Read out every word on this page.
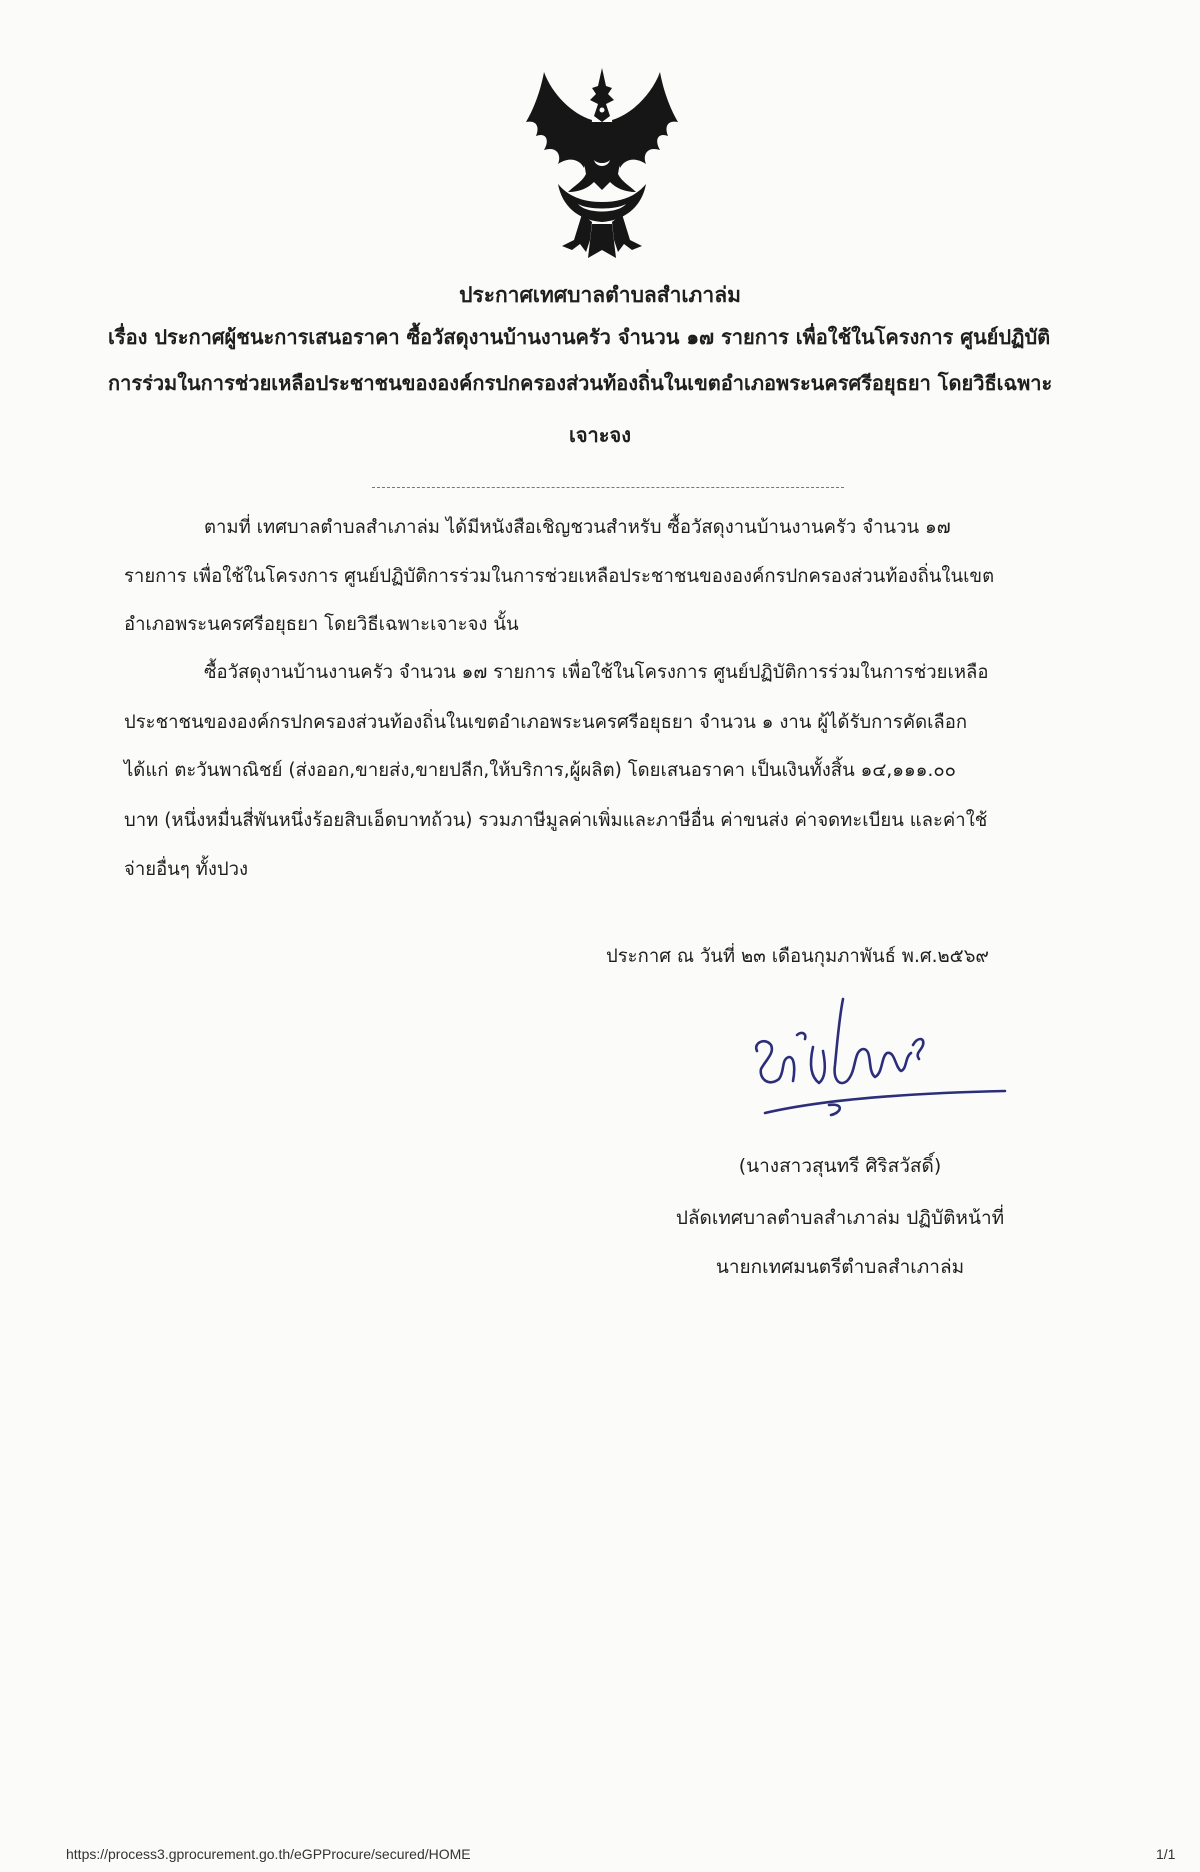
ประกาศเทศบาลตำบลสำเภาล่ม
เรื่อง ประกาศผู้ชนะการเสนอราคา ซื้อวัสดุงานบ้านงานครัว จำนวน ๑๗ รายการ เพื่อใช้ในโครงการ ศูนย์ปฏิบัติ
การร่วมในการช่วยเหลือประชาชนขององค์กรปกครองส่วนท้องถิ่นในเขตอำเภอพระนครศรีอยุธยา โดยวิธีเฉพาะ
เจาะจง
ตามที่ เทศบาลตำบลสำเภาล่ม ได้มีหนังสือเชิญชวนสำหรับ ซื้อวัสดุงานบ้านงานครัว จำนวน ๑๗
รายการ เพื่อใช้ในโครงการ ศูนย์ปฏิบัติการร่วมในการช่วยเหลือประชาชนขององค์กรปกครองส่วนท้องถิ่นในเขต
อำเภอพระนครศรีอยุธยา โดยวิธีเฉพาะเจาะจง นั้น
ซื้อวัสดุงานบ้านงานครัว จำนวน ๑๗ รายการ เพื่อใช้ในโครงการ ศูนย์ปฏิบัติการร่วมในการช่วยเหลือ
ประชาชนขององค์กรปกครองส่วนท้องถิ่นในเขตอำเภอพระนครศรีอยุธยา จำนวน ๑ งาน ผู้ได้รับการคัดเลือก
ได้แก่ ตะวันพาณิชย์ (ส่งออก,ขายส่ง,ขายปลีก,ให้บริการ,ผู้ผลิต) โดยเสนอราคา เป็นเงินทั้งสิ้น ๑๔,๑๑๑.๐๐
บาท (หนึ่งหมื่นสี่พันหนึ่งร้อยสิบเอ็ดบาทถ้วน) รวมภาษีมูลค่าเพิ่มและภาษีอื่น ค่าขนส่ง ค่าจดทะเบียน และค่าใช้
จ่ายอื่นๆ ทั้งปวง
ประกาศ ณ วันที่ ๒๓ เดือนกุมภาพันธ์ พ.ศ.๒๕๖๙
(นางสาวสุนทรี ศิริสวัสดิ์)
ปลัดเทศบาลตำบลสำเภาล่ม ปฏิบัติหน้าที่
นายกเทศมนตรีตำบลสำเภาล่ม
https://process3.gprocurement.go.th/eGPProcure/secured/HOME	1/1
